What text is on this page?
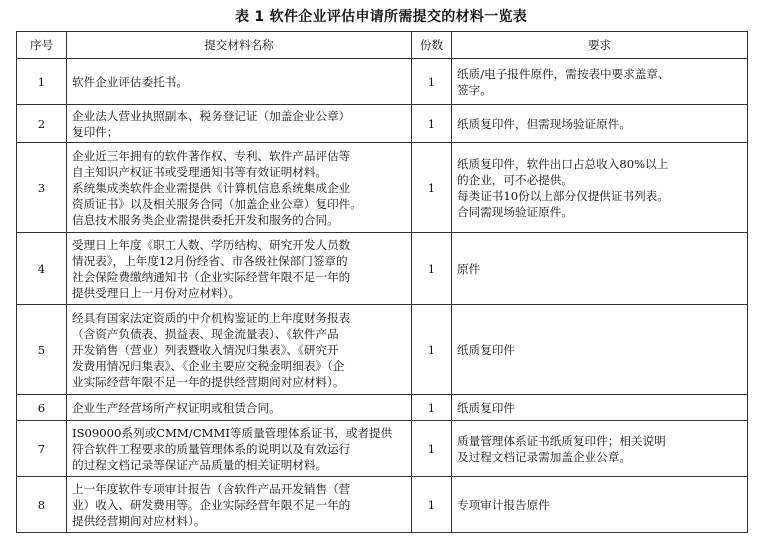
表 1 软件企业评估申请所需提交的材料一览表
序号	提交材料名称	份数	要求
1	软件企业评估委托书。	1	纸质/电子报件原件，需按表中要求盖章、
签字。

2	企业法人营业执照副本、税务登记证（加盖企业公章）
复印件；	1	纸质复印件，但需现场验证原件。

3	企业近三年拥有的软件著作权、专利、软件产品评估等
自主知识产权证书或受理通知书等有效证明材料。
系统集成类软件企业需提供《计算机信息系统集成企业
资质证书》以及相关服务合同（加盖企业公章）复印件。
信息技术服务类企业需提供委托开发和服务的合同。	1	纸质复印件，软件出口占总收入80%以上
的企业，可不必提供。
每类证书10份以上部分仅提供证书列表。
合同需现场验证原件。

4	受理日上年度《职工人数、学历结构、研究开发人员数
情况表》，上年度12月份经省、市各级社保部门签章的
社会保险费缴纳通知书（企业实际经营年限不足一年的
提供受理日上一月份对应材料）。	1	原件

5	经具有国家法定资质的中介机构鉴证的上年度财务报表
（含资产负债表、损益表、现金流量表）、《软件产品
开发销售（营业）列表暨收入情况归集表》、《研究开
发费用情况归集表》、《企业主要应交税金明细表》（企
业实际经营年限不足一年的提供经营期间对应材料）。	1	纸质复印件

6	企业生产经营场所产权证明或租赁合同。	1	纸质复印件

7	IS09000系列或CMM/CMMI等质量管理体系证书，或者提供
符合软件工程要求的质量管理体系的说明以及有效运行
的过程文档记录等保证产品质量的相关证明材料。	1	质量管理体系证书纸质复印件；相关说明
及过程文档记录需加盖企业公章。

8	上一年度软件专项审计报告（含软件产品开发销售（营
业）收入、研发费用等。企业实际经营年限不足一年的
提供经营期间对应材料）。	1	专项审计报告原件
